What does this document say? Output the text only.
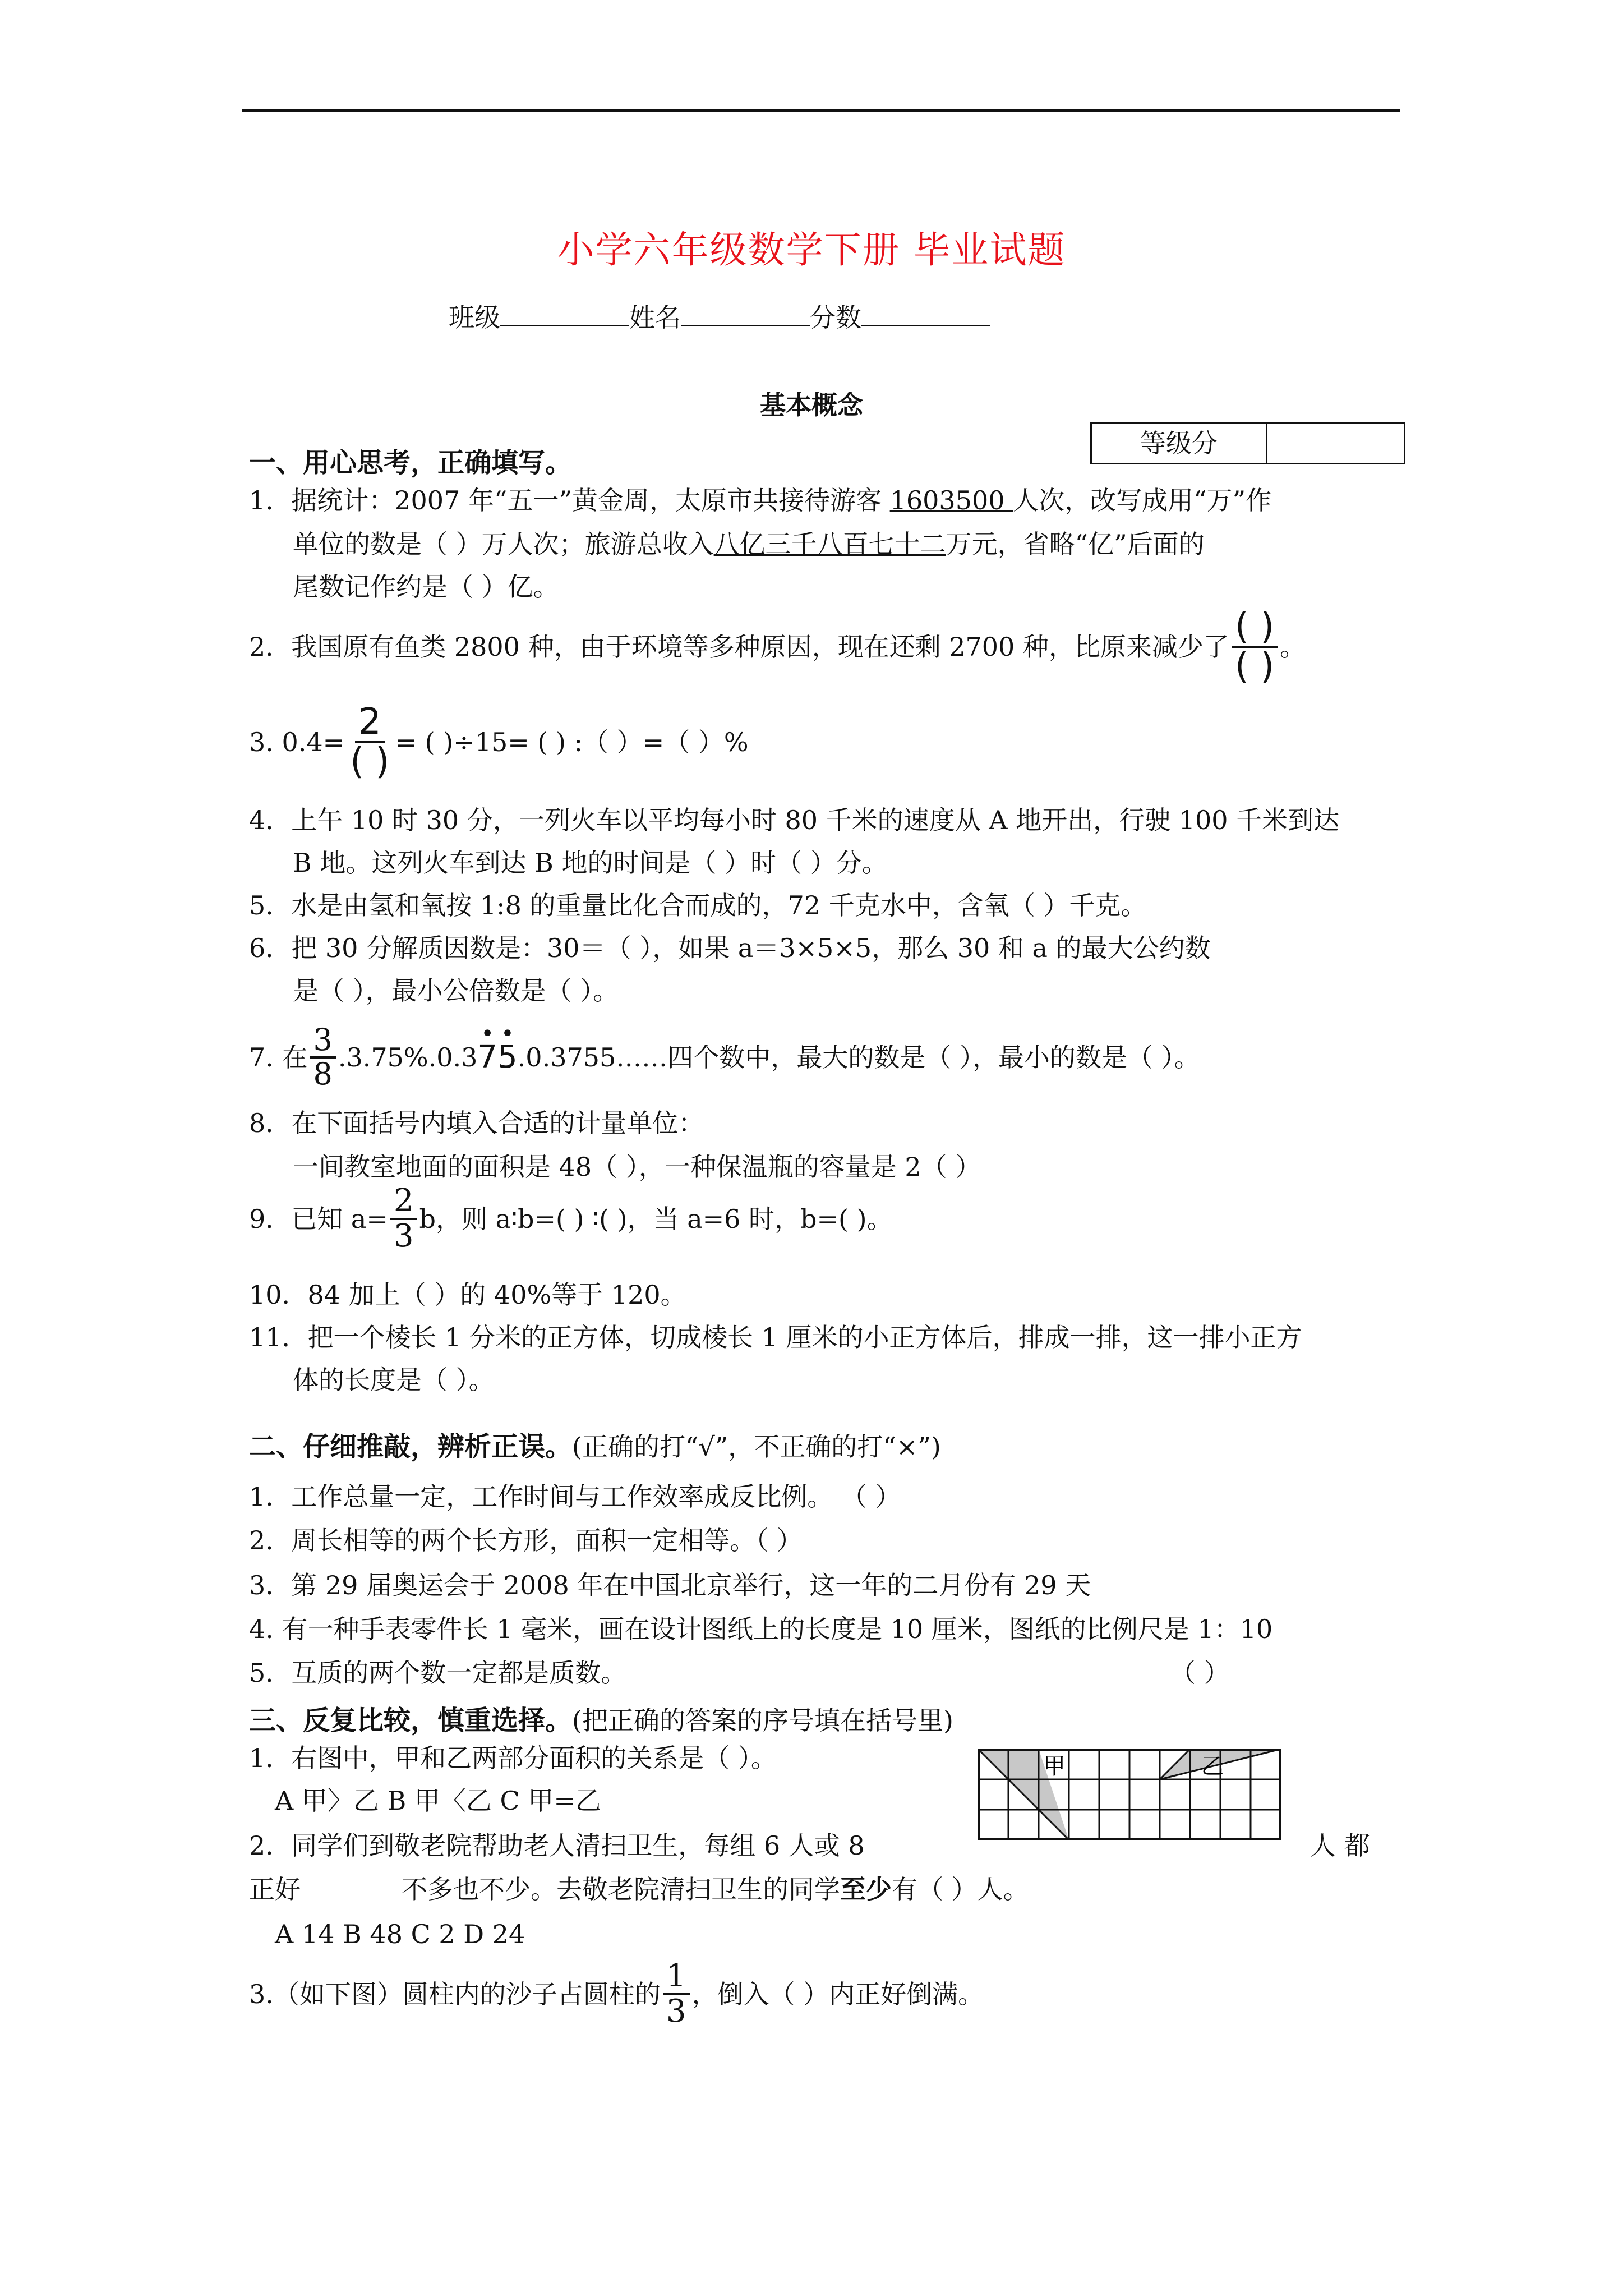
小学六年级数学下册 毕业试题
班级	姓名	分数
基本概念
等级分
一、用心思考，正确填写。
1．据统计：2007 年“五一”黄金周，太原市共接待游客 1603500 人次，改写成用“万”作
单位的数是（ ）万人次；旅游总收入八亿三千八百七十二万元，省略“亿”后面的
尾数记作约是（ ）亿。
2．我国原有鱼类 2800 种，由于环境等多种原因，现在还剩 2700 种，比原来减少了 $\frac{( )}{( )}$ 。
3. $0.4= \frac{2}{( )}$ = ( )÷15= ( ) :（ ）=（ ）%
4．上午 10 时 30 分，一列火车以平均每小时 80 千米的速度从 A 地开出，行驶 100 千米到达
B 地。这列火车到达 B 地的时间是（ ）时（ ）分。
5．水是由氢和氧按 1:8 的重量比化合而成的，72 千克水中，含氧（ ）千克。
6．把 30 分解质因数是：30＝（ ），如果 a＝3×5×5，那么 30 和 a 的最大公约数
是（ ），最小公倍数是（ ）。
7. 在 $\frac{3}{8} .3.75\%.0.3$ • 7 • 5 .0.3755……四个数中，最大的数是（ ），最小的数是（ ）。
8．在下面括号内填入合适的计量单位：
一间教室地面的面积是 48（ ），一种保温瓶的容量是 2（ ）
9．已知 $a= \frac{2}{3}$ b，则 a∶b=( ) ∶( )，当 a=6 时，b=( )。
10．84 加上（ ）的 40%等于 120。
11．把一个棱长 1 分米的正方体，切成棱长 1 厘米的小正方体后，排成一排，这一排小正方
体的长度是（ ）。
二、仔细推敲，辨析正误。(正确的打“√”，不正确的打“×”)
1．工作总量一定，工作时间与工作效率成反比例。 （ ）
2．周长相等的两个长方形，面积一定相等。（ ）
3．第 29 届奥运会于 2008 年在中国北京举行，这一年的二月份有 29 天
4. 有一种手表零件长 1 毫米，画在设计图纸上的长度是 10 厘米，图纸的比例尺是 1：10
5．互质的两个数一定都是质数。	（ ）
三、反复比较，慎重选择。(把正确的答案的序号填在括号里)
1．右图中，甲和乙两部分面积的关系是（ ）。
A 甲〉乙 B 甲〈乙 C 甲=乙
甲	乙
2．同学们到敬老院帮助老人清扫卫生，每组 6 人或 8	人 都
正好	不多也不少。去敬老院清扫卫生的同学至少有（ ）人。
A 14 B 48 C 2 D 24
3.（如下图）圆柱内的沙子占圆柱的 $\frac{1}{3}$ ，倒入（ ）内正好倒满。
